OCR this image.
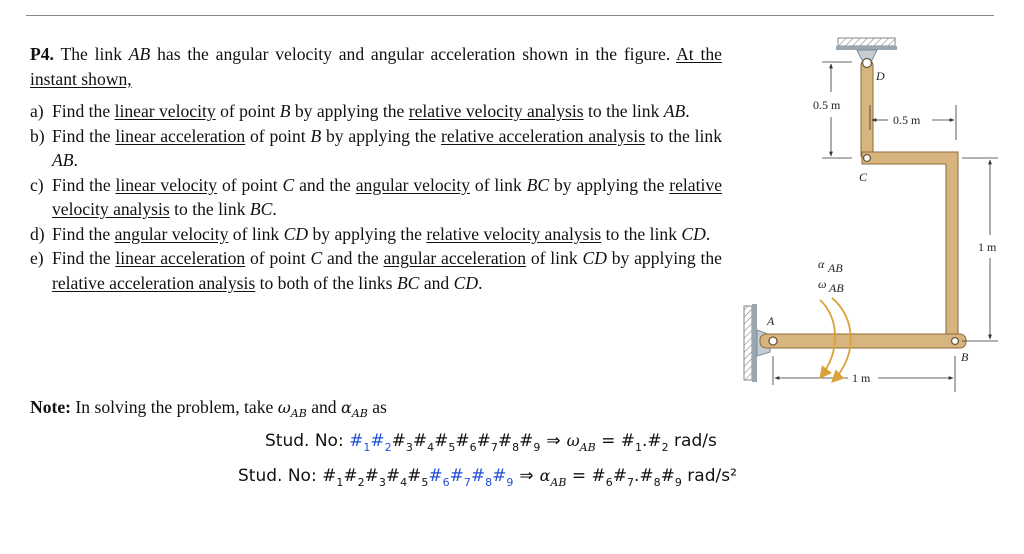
P4. The link AB has the angular velocity and angular acceleration shown in the figure. At the instant shown,

a) Find the linear velocity of point B by applying the relative velocity analysis to the link AB.
b) Find the linear acceleration of point B by applying the relative acceleration analysis to the link AB.
c) Find the linear velocity of point C and the angular velocity of link BC by applying the relative velocity analysis to the link BC.
d) Find the angular velocity of link CD by applying the relative velocity analysis to the link CD.
e) Find the linear acceleration of point C and the angular acceleration of link CD by applying the relative acceleration analysis to both of the links BC and CD.
Note: In solving the problem, take $\omega_{AB}$ and $\alpha_{AB}$ as
Stud. No: $\#_1\#_2\#_3\#_4\#_5\#_6\#_7\#_8\#_9$ ⇒ $\omega_{AB}$ = $\#_1.\#_2$ rad/s
Stud. No: $\#_1\#_2\#_3\#_4\#_5\#_6\#_7\#_8\#_9$ ⇒ $\alpha_{AB}$ = $\#_6\#_7.\#_8\#_9$ rad/s²
D
C
A
B
0.5 m
0.5 m
1 m
1 m
α AB
ω AB
